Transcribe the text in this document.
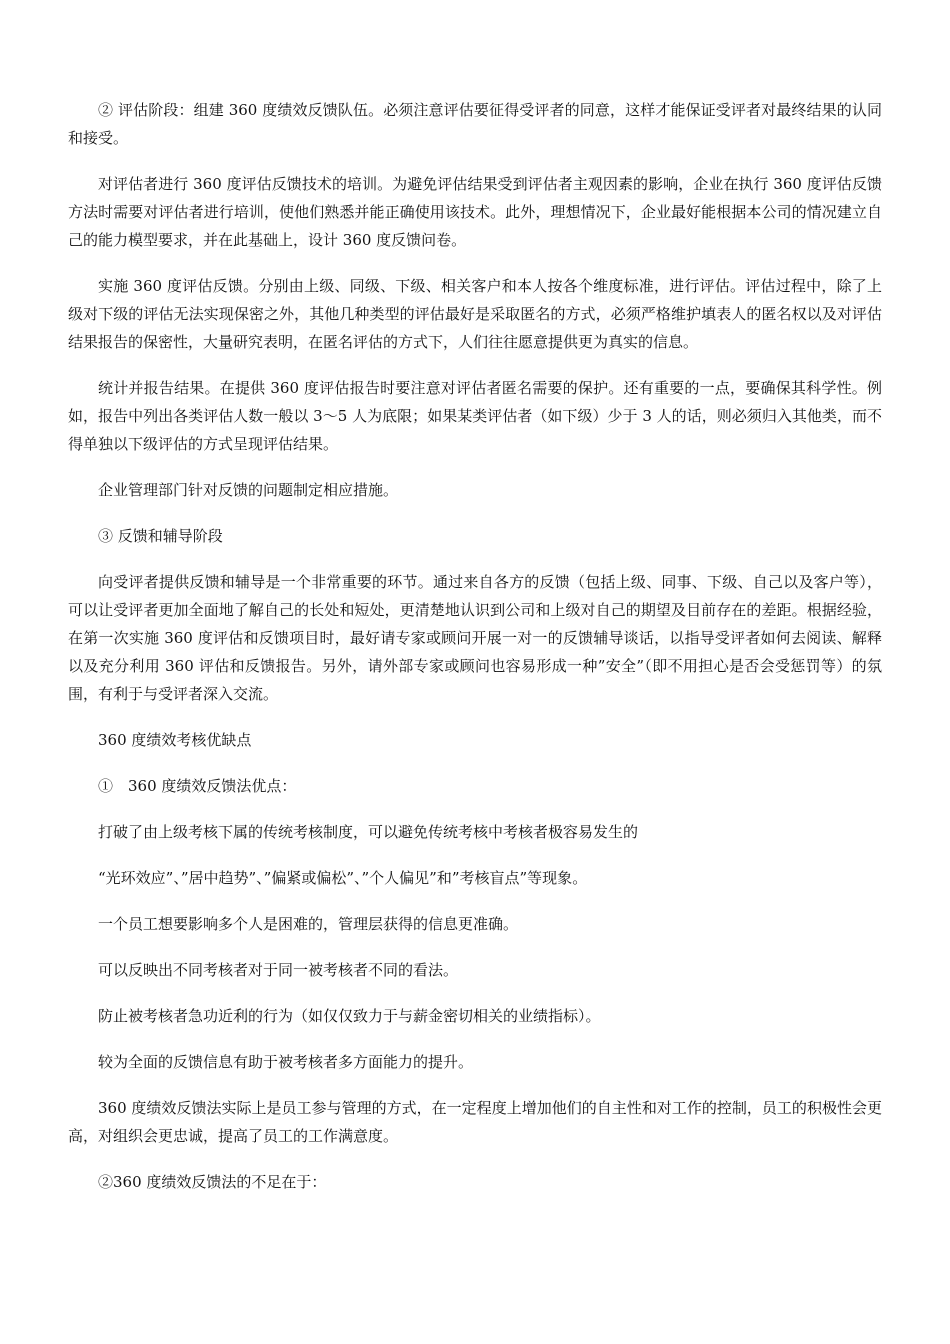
② 评估阶段：组建 360 度绩效反馈队伍。必须注意评估要征得受评者的同意，这样才能保证受评者对最终结果的认同和接受。

对评估者进行 360 度评估反馈技术的培训。为避免评估结果受到评估者主观因素的影响，企业在执行 360 度评估反馈方法时需要对评估者进行培训，使他们熟悉并能正确使用该技术。此外，理想情况下，企业最好能根据本公司的情况建立自己的能力模型要求，并在此基础上，设计 360 度反馈问卷。

实施 360 度评估反馈。分别由上级、同级、下级、相关客户和本人按各个维度标准，进行评估。评估过程中，除了上级对下级的评估无法实现保密之外，其他几种类型的评估最好是采取匿名的方式，必须严格维护填表人的匿名权以及对评估结果报告的保密性，大量研究表明，在匿名评估的方式下，人们往往愿意提供更为真实的信息。

统计并报告结果。在提供 360 度评估报告时要注意对评估者匿名需要的保护。还有重要的一点，要确保其科学性。例如，报告中列出各类评估人数一般以 3～5 人为底限；如果某类评估者（如下级）少于 3 人的话，则必须归入其他类，而不得单独以下级评估的方式呈现评估结果。

企业管理部门针对反馈的问题制定相应措施。

③ 反馈和辅导阶段

向受评者提供反馈和辅导是一个非常重要的环节。通过来自各方的反馈（包括上级、同事、下级、自己以及客户等），可以让受评者更加全面地了解自己的长处和短处，更清楚地认识到公司和上级对自己的期望及目前存在的差距。根据经验，在第一次实施 360 度评估和反馈项目时，最好请专家或顾问开展一对一的反馈辅导谈话，以指导受评者如何去阅读、解释以及充分利用 360 评估和反馈报告。另外，请外部专家或顾问也容易形成一种”安全”（即不用担心是否会受惩罚等）的氛围，有利于与受评者深入交流。

360 度绩效考核优缺点

①　360 度绩效反馈法优点：

打破了由上级考核下属的传统考核制度，可以避免传统考核中考核者极容易发生的

“光环效应”、”居中趋势”、”偏紧或偏松”、”个人偏见”和”考核盲点”等现象。

一个员工想要影响多个人是困难的，管理层获得的信息更准确。

可以反映出不同考核者对于同一被考核者不同的看法。

防止被考核者急功近利的行为（如仅仅致力于与薪金密切相关的业绩指标）。

较为全面的反馈信息有助于被考核者多方面能力的提升。

360 度绩效反馈法实际上是员工参与管理的方式，在一定程度上增加他们的自主性和对工作的控制，员工的积极性会更高，对组织会更忠诚，提高了员工的工作满意度。

②360 度绩效反馈法的不足在于：
